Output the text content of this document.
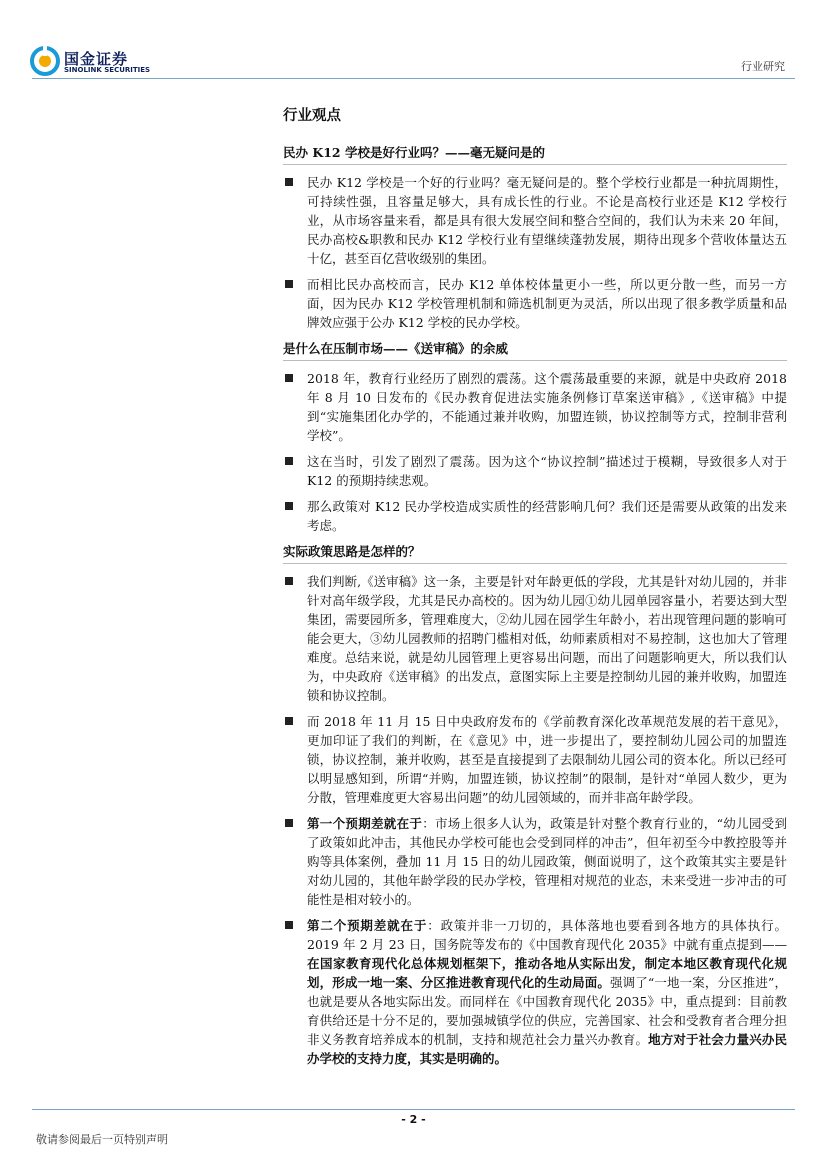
国金证券
SINOLINK SECURITIES	行业研究
行业观点
民办 K12 学校是好行业吗？——毫无疑问是的
民办 K12 学校是一个好的行业吗？毫无疑问是的。整个学校行业都是一种抗周期性，可持续性强，且容量足够大，具有成长性的行业。不论是高校行业还是 K12 学校行业，从市场容量来看，都是具有很大发展空间和整合空间的，我们认为未来 20 年间，民办高校&职教和民办 K12 学校行业有望继续蓬勃发展，期待出现多个营收体量达五十亿，甚至百亿营收级别的集团。
而相比民办高校而言，民办 K12 单体校体量更小一些，所以更分散一些，而另一方面，因为民办 K12 学校管理机制和筛选机制更为灵活，所以出现了很多教学质量和品牌效应强于公办 K12 学校的民办学校。
是什么在压制市场——《送审稿》的余威
2018 年，教育行业经历了剧烈的震荡。这个震荡最重要的来源，就是中央政府 2018 年 8 月 10 日发布的《民办教育促进法实施条例修订草案送审稿》,《送审稿》中提到“实施集团化办学的，不能通过兼并收购，加盟连锁，协议控制等方式，控制非营利学校”。
这在当时，引发了剧烈了震荡。因为这个“协议控制”描述过于模糊，导致很多人对于 K12 的预期持续悲观。
那么政策对 K12 民办学校造成实质性的经营影响几何？我们还是需要从政策的出发来考虑。
实际政策思路是怎样的？
我们判断,《送审稿》这一条，主要是针对年龄更低的学段，尤其是针对幼儿园的，并非针对高年级学段，尤其是民办高校的。因为幼儿园①幼儿园单园容量小，若要达到大型集团，需要园所多，管理难度大，②幼儿园在园学生年龄小，若出现管理问题的影响可能会更大，③幼儿园教师的招聘门槛相对低，幼师素质相对不易控制，这也加大了管理难度。总结来说，就是幼儿园管理上更容易出问题，而出了问题影响更大，所以我们认为，中央政府《送审稿》的出发点，意图实际上主要是控制幼儿园的兼并收购，加盟连锁和协议控制。
而 2018 年 11 月 15 日中央政府发布的《学前教育深化改革规范发展的若干意见》，更加印证了我们的判断，在《意见》中，进一步提出了，要控制幼儿园公司的加盟连锁，协议控制，兼并收购，甚至是直接提到了去限制幼儿园公司的资本化。所以已经可以明显感知到，所谓“并购，加盟连锁，协议控制”的限制，是针对“单园人数少，更为分散，管理难度更大容易出问题”的幼儿园领域的，而并非高年龄学段。
第一个预期差就在于：市场上很多人认为，政策是针对整个教育行业的，“幼儿园受到了政策如此冲击，其他民办学校可能也会受到同样的冲击”，但年初至今中教控股等并购等具体案例，叠加 11 月 15 日的幼儿园政策，侧面说明了，这个政策其实主要是针对幼儿园的，其他年龄学段的民办学校，管理相对规范的业态，未来受进一步冲击的可能性是相对较小的。
第二个预期差就在于：政策并非一刀切的，具体落地也要看到各地方的具体执行。2019 年 2 月 23 日，国务院等发布的《中国教育现代化 2035》中就有重点提到——在国家教育现代化总体规划框架下，推动各地从实际出发，制定本地区教育现代化规划，形成一地一案、分区推进教育现代化的生动局面。强调了“一地一案，分区推进”，也就是要从各地实际出发。而同样在《中国教育现代化 2035》中，重点提到：目前教育供给还是十分不足的，要加强城镇学位的供应，完善国家、社会和受教育者合理分担非义务教育培养成本的机制，支持和规范社会力量兴办教育。地方对于社会力量兴办民办学校的支持力度，其实是明确的。
- 2 -
敬请参阅最后一页特别声明
